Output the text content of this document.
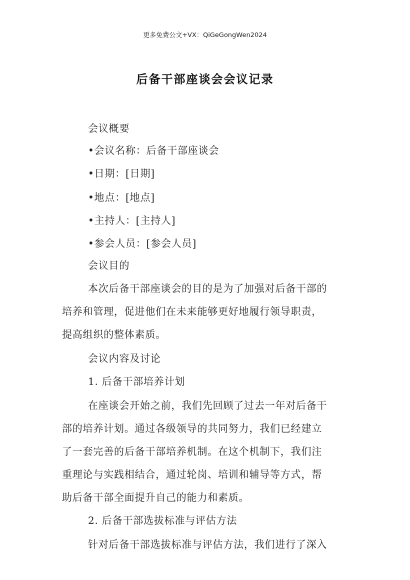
更多免费公文+VX：QiGeGongWen2024
后备干部座谈会会议记录
会议概要
•会议名称：后备干部座谈会
•日期：[日期]
•地点：[地点]
•主持人：[主持人]
•参会人员：[参会人员]
会议目的
本次后备干部座谈会的目的是为了加强对后备干部的
培养和管理，促进他们在未来能够更好地履行领导职责，
提高组织的整体素质。
会议内容及讨论
1. 后备干部培养计划
在座谈会开始之前，我们先回顾了过去一年对后备干
部的培养计划。通过各级领导的共同努力，我们已经建立
了一套完善的后备干部培养机制。在这个机制下，我们注
重理论与实践相结合，通过轮岗、培训和辅导等方式，帮
助后备干部全面提升自己的能力和素质。
2. 后备干部选拔标准与评估方法
针对后备干部选拔标准与评估方法，我们进行了深入
